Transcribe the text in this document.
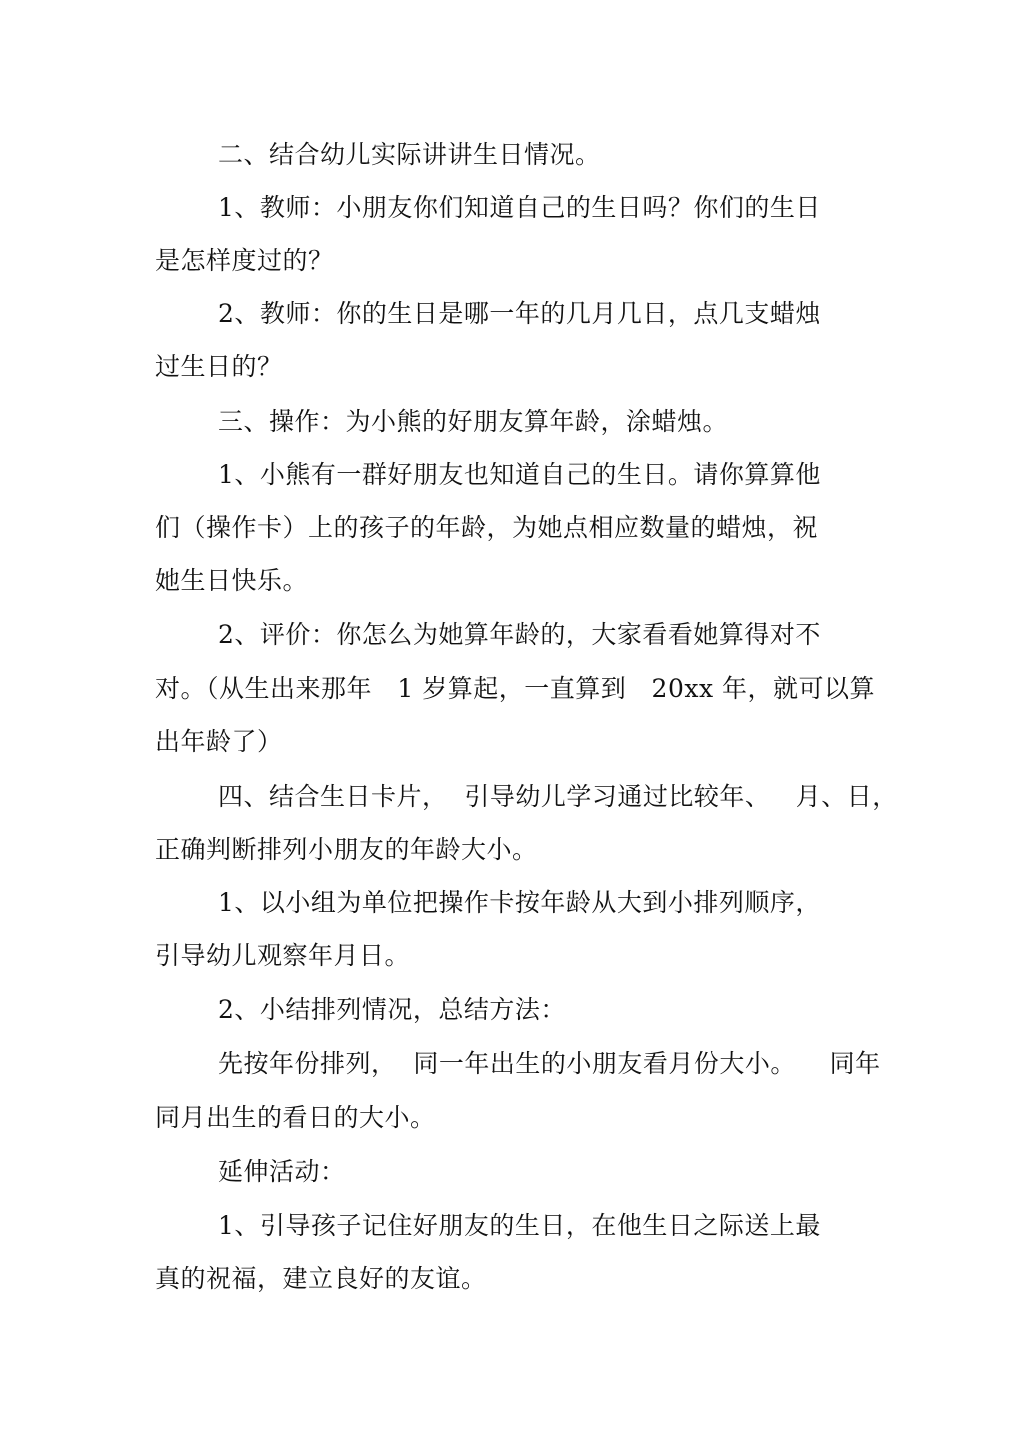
二、结合幼儿实际讲讲生日情况。
1、教师：小朋友你们知道自己的生日吗？你们的生日
是怎样度过的？
2、教师：你的生日是哪一年的几月几日，点几支蜡烛
过生日的？
三、操作：为小熊的好朋友算年龄，涂蜡烛。
1、小熊有一群好朋友也知道自己的生日。请你算算他
们（操作卡）上的孩子的年龄，为她点相应数量的蜡烛，祝
她生日快乐。
2、评价：你怎么为她算年龄的，大家看看她算得对不
对。（从生出来那年   1 岁算起，一直算到   20xx 年，就可以算
出年龄了）
四、结合生日卡片，  引导幼儿学习通过比较年、   月、日，
正确判断排列小朋友的年龄大小。
1、以小组为单位把操作卡按年龄从大到小排列顺序，
引导幼儿观察年月日。
2、小结排列情况，总结方法：
先按年份排列，  同一年出生的小朋友看月份大小。    同年
同月出生的看日的大小。
延伸活动：
1、引导孩子记住好朋友的生日，在他生日之际送上最
真的祝福，建立良好的友谊。
